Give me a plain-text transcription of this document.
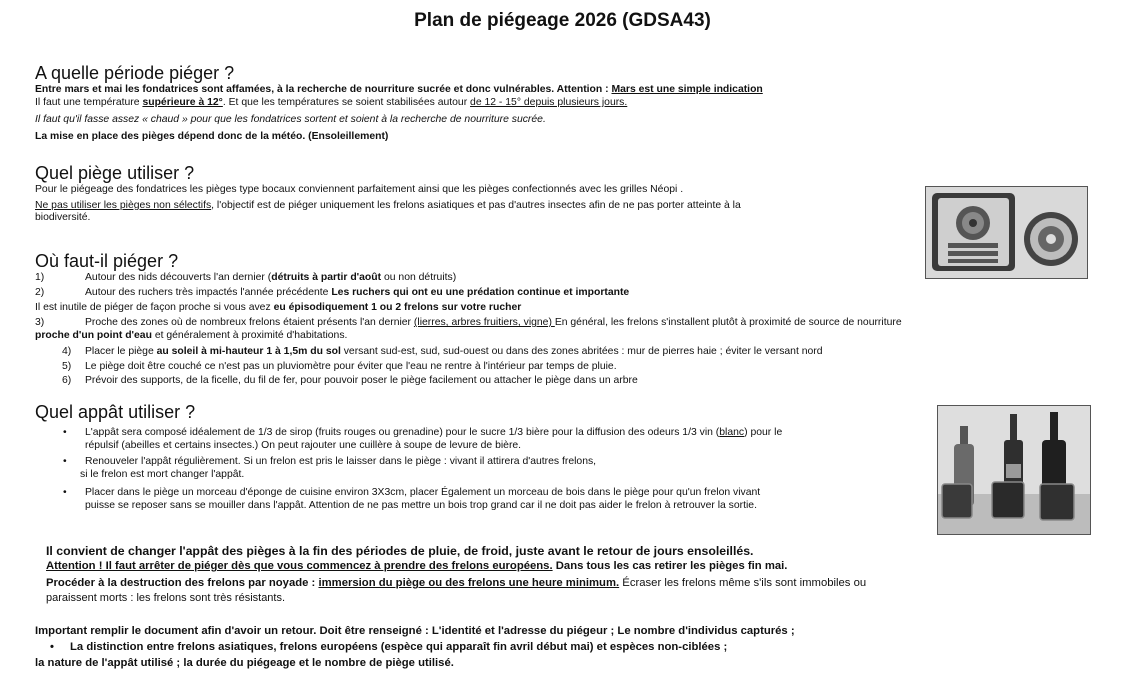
Plan de piégeage 2026 (GDSA43)
A quelle période piéger ?
Entre mars et mai les fondatrices sont affamées, à la recherche de nourriture sucrée et donc vulnérables. Attention : Mars est une simple indication
Il faut une température supérieure à 12°. Et que les températures se soient stabilisées autour de 12 - 15° depuis plusieurs jours.
Il faut qu'il fasse assez « chaud » pour que les fondatrices sortent et soient à la recherche de nourriture sucrée.
La mise en place des pièges dépend donc de la météo. (Ensoleillement)
Quel piège utiliser ?
Pour le piégeage des fondatrices les pièges type bocaux conviennent parfaitement ainsi que les pièges confectionnés avec les grilles Néopi .
Ne pas utiliser les pièges non sélectifs, l'objectif est de piéger uniquement les frelons asiatiques et pas d'autres insectes afin de ne pas porter atteinte à la
biodiversité.
Où faut-il piéger ?
1)	Autour des nids découverts l'an dernier (détruits à partir d'août ou non détruits)
2)	Autour des ruchers très impactés l'année précédente Les ruchers qui ont eu une prédation continue et importante
Il est inutile de piéger de façon proche si vous avez eu épisodiquement 1 ou 2 frelons sur votre rucher
3)	Proche des zones où de nombreux frelons étaient présents l'an dernier (lierres, arbres fruitiers, vigne) En général, les frelons s'installent plutôt à proximité de source de nourriture
proche d'un point d'eau et généralement à proximité d'habitations.
4) Placer le piège au soleil à mi-hauteur 1 à 1,5m du sol versant sud-est, sud, sud-ouest ou dans des zones abritées : mur de pierres haie ; éviter le versant nord
5) Le piège doit être couché ce n'est pas un pluviomètre pour éviter que l'eau ne rentre à l'intérieur par temps de pluie.
6) Prévoir des supports, de la ficelle, du fil de fer, pour pouvoir poser le piège facilement ou attacher le piège dans un arbre
Quel appât utiliser ?
• L'appât sera composé idéalement de 1/3 de sirop (fruits rouges ou grenadine) pour le sucre 1/3 bière pour la diffusion des odeurs 1/3 vin (blanc) pour le
répulsif (abeilles et certains insectes.) On peut rajouter une cuillère à soupe de levure de bière.
• Renouveler l'appât régulièrement. Si un frelon est pris le laisser dans le piège : vivant il attirera d'autres frelons,
si le frelon est mort changer l'appât.
• Placer dans le piège un morceau d'éponge de cuisine environ 3X3cm, placer Également un morceau de bois dans le piège pour qu'un frelon vivant
puisse se reposer sans se mouiller dans l'appât. Attention de ne pas mettre un bois trop grand car il ne doit pas aider le frelon à retrouver la sortie.
Il convient de changer l'appât des pièges à la fin des périodes de pluie, de froid, juste avant le retour de jours ensoleillés.
Attention ! Il faut arrêter de piéger dès que vous commencez à prendre des frelons européens. Dans tous les cas retirer les pièges fin mai.
Procéder à la destruction des frelons par noyade : immersion du piège ou des frelons une heure minimum. Écraser les frelons même s'ils sont immobiles ou
paraissent morts : les frelons sont très résistants.
Important remplir le document afin d'avoir un retour. Doit être renseigné : L'identité et l'adresse du piégeur ; Le nombre d'individus capturés ;
• La distinction entre frelons asiatiques, frelons européens (espèce qui apparaît fin avril début mai) et espèces non-ciblées ;
la nature de l'appât utilisé ; la durée du piégeage et le nombre de piège utilisé.
